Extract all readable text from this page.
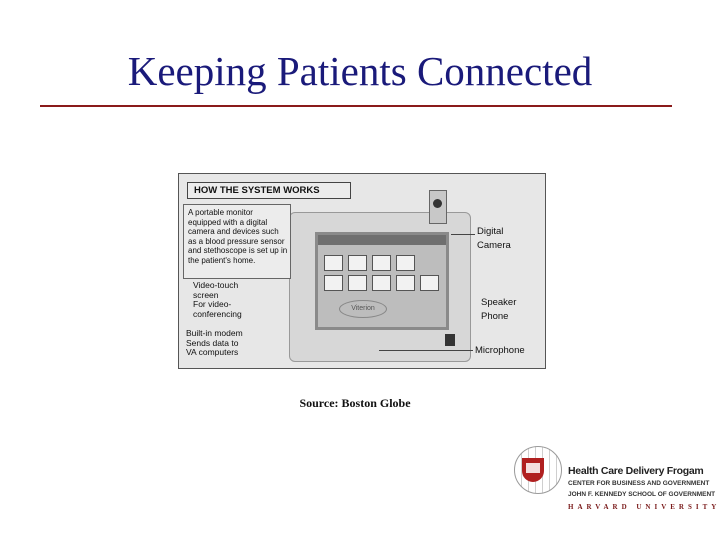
Keeping Patients Connected
Viterion
HOW THE SYSTEM WORKS
A portable monitor equipped with a digital camera and devices such as a blood pressure sensor and stethoscope is set up in the patient's home.
Video-touch
screen
For video-
conferencing
Built-in modem
Sends data to
VA computers
Digital
Camera
Speaker
Phone
Microphone
Source: Boston Globe
Health Care Delivery Frogam
CENTER FOR BUSINESS AND GOVERNMENT
JOHN F. KENNEDY SCHOOL OF GOVERNMENT
HARVARD UNIVERSITY
